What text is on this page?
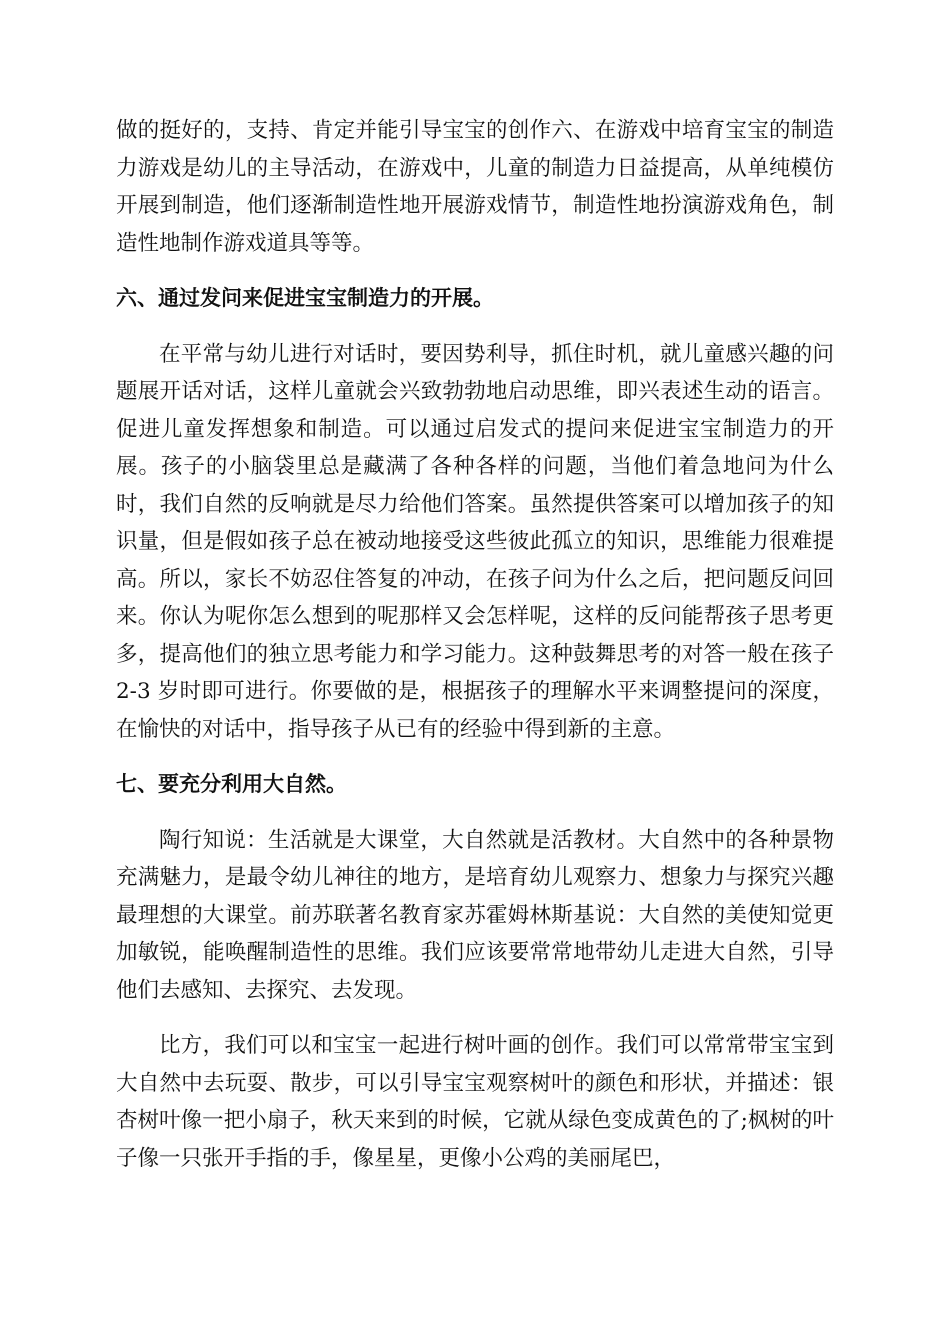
做的挺好的，支持、肯定并能引导宝宝的创作六、在游戏中培育宝宝的制造力游戏是幼儿的主导活动，在游戏中，儿童的制造力日益提高，从单纯模仿开展到制造，他们逐渐制造性地开展游戏情节，制造性地扮演游戏角色，制造性地制作游戏道具等等。

六、通过发问来促进宝宝制造力的开展。

在平常与幼儿进行对话时，要因势利导，抓住时机，就儿童感兴趣的问题展开话对话，这样儿童就会兴致勃勃地启动思维，即兴表述生动的语言。促进儿童发挥想象和制造。可以通过启发式的提问来促进宝宝制造力的开展。孩子的小脑袋里总是藏满了各种各样的问题，当他们着急地问为什么时，我们自然的反响就是尽力给他们答案。虽然提供答案可以增加孩子的知识量，但是假如孩子总在被动地接受这些彼此孤立的知识，思维能力很难提高。所以，家长不妨忍住答复的冲动，在孩子问为什么之后，把问题反问回来。你认为呢你怎么想到的呢那样又会怎样呢，这样的反问能帮孩子思考更多，提高他们的独立思考能力和学习能力。这种鼓舞思考的对答一般在孩子 2-3 岁时即可进行。你要做的是，根据孩子的理解水平来调整提问的深度，在愉快的对话中，指导孩子从已有的经验中得到新的主意。

七、要充分利用大自然。

陶行知说：生活就是大课堂，大自然就是活教材。大自然中的各种景物充满魅力，是最令幼儿神往的地方，是培育幼儿观察力、想象力与探究兴趣最理想的大课堂。前苏联著名教育家苏霍姆林斯基说：大自然的美使知觉更加敏锐，能唤醒制造性的思维。我们应该要常常地带幼儿走进大自然，引导他们去感知、去探究、去发现。

比方，我们可以和宝宝一起进行树叶画的创作。我们可以常常带宝宝到大自然中去玩耍、散步，可以引导宝宝观察树叶的颜色和形状，并描述：银杏树叶像一把小扇子，秋天来到的时候，它就从绿色变成黄色的了;枫树的叶子像一只张开手指的手，像星星，更像小公鸡的美丽尾巴，
